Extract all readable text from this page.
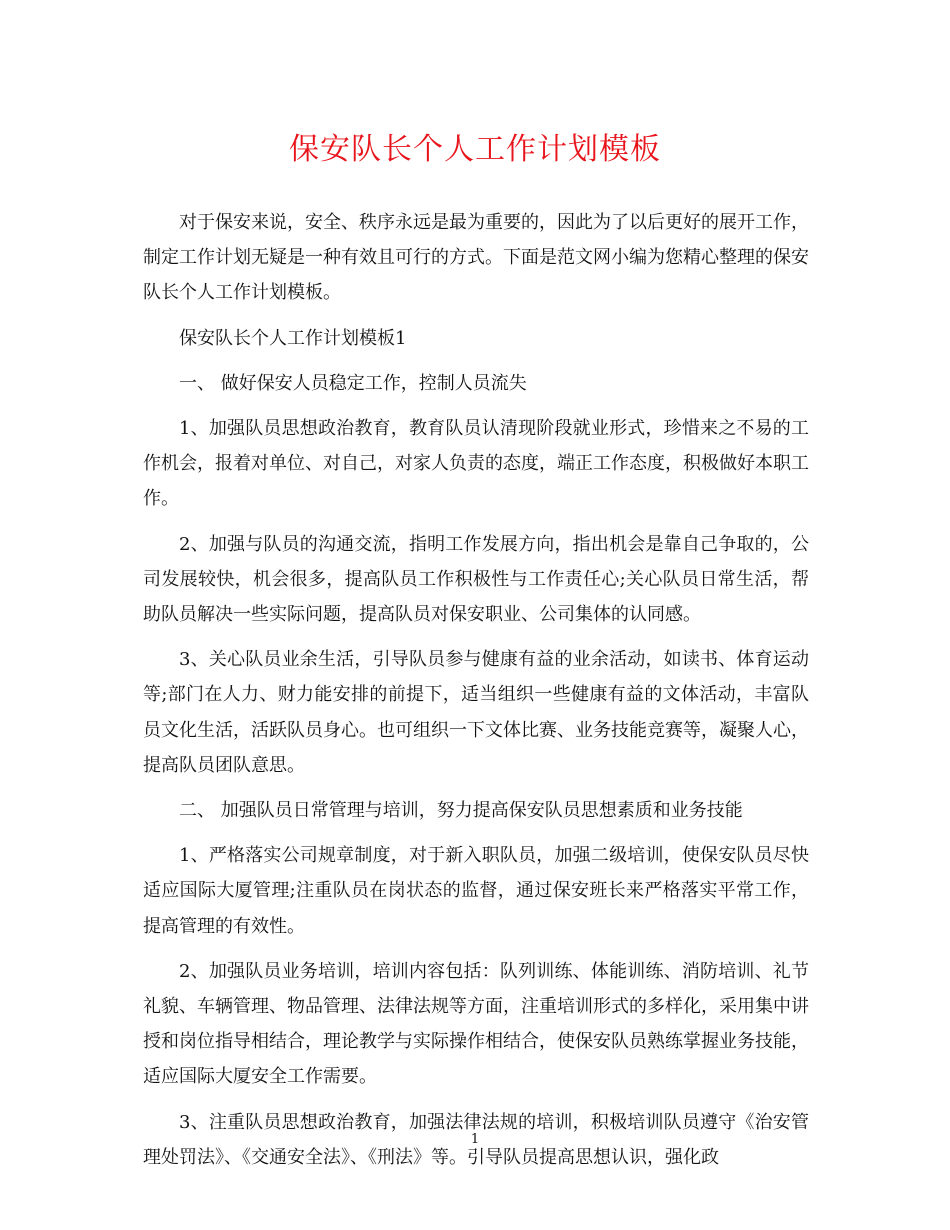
保安队长个人工作计划模板

对于保安来说，安全、秩序永远是最为重要的，因此为了以后更好的展开工作，制定工作计划无疑是一种有效且可行的方式。下面是范文网小编为您精心整理的保安队长个人工作计划模板。

保安队长个人工作计划模板1

一、 做好保安人员稳定工作，控制人员流失

1、加强队员思想政治教育，教育队员认清现阶段就业形式，珍惜来之不易的工作机会，报着对单位、对自己，对家人负责的态度，端正工作态度，积极做好本职工作。

2、加强与队员的沟通交流，指明工作发展方向，指出机会是靠自己争取的，公司发展较快，机会很多，提高队员工作积极性与工作责任心;关心队员日常生活，帮助队员解决一些实际问题，提高队员对保安职业、公司集体的认同感。

3、关心队员业余生活，引导队员参与健康有益的业余活动，如读书、体育运动等;部门在人力、财力能安排的前提下，适当组织一些健康有益的文体活动，丰富队员文化生活，活跃队员身心。也可组织一下文体比赛、业务技能竞赛等，凝聚人心，提高队员团队意思。

二、 加强队员日常管理与培训，努力提高保安队员思想素质和业务技能

1、严格落实公司规章制度，对于新入职队员，加强二级培训，使保安队员尽快适应国际大厦管理;注重队员在岗状态的监督，通过保安班长来严格落实平常工作，提高管理的有效性。

2、加强队员业务培训，培训内容包括：队列训练、体能训练、消防培训、礼节礼貌、车辆管理、物品管理、法律法规等方面，注重培训形式的多样化，采用集中讲授和岗位指导相结合，理论教学与实际操作相结合，使保安队员熟练掌握业务技能，适应国际大厦安全工作需要。

3、注重队员思想政治教育，加强法律法规的培训，积极培训队员遵守《治安管理处罚法》、《交通安全法》、《刑法》等。引导队员提高思想认识，强化政

1
